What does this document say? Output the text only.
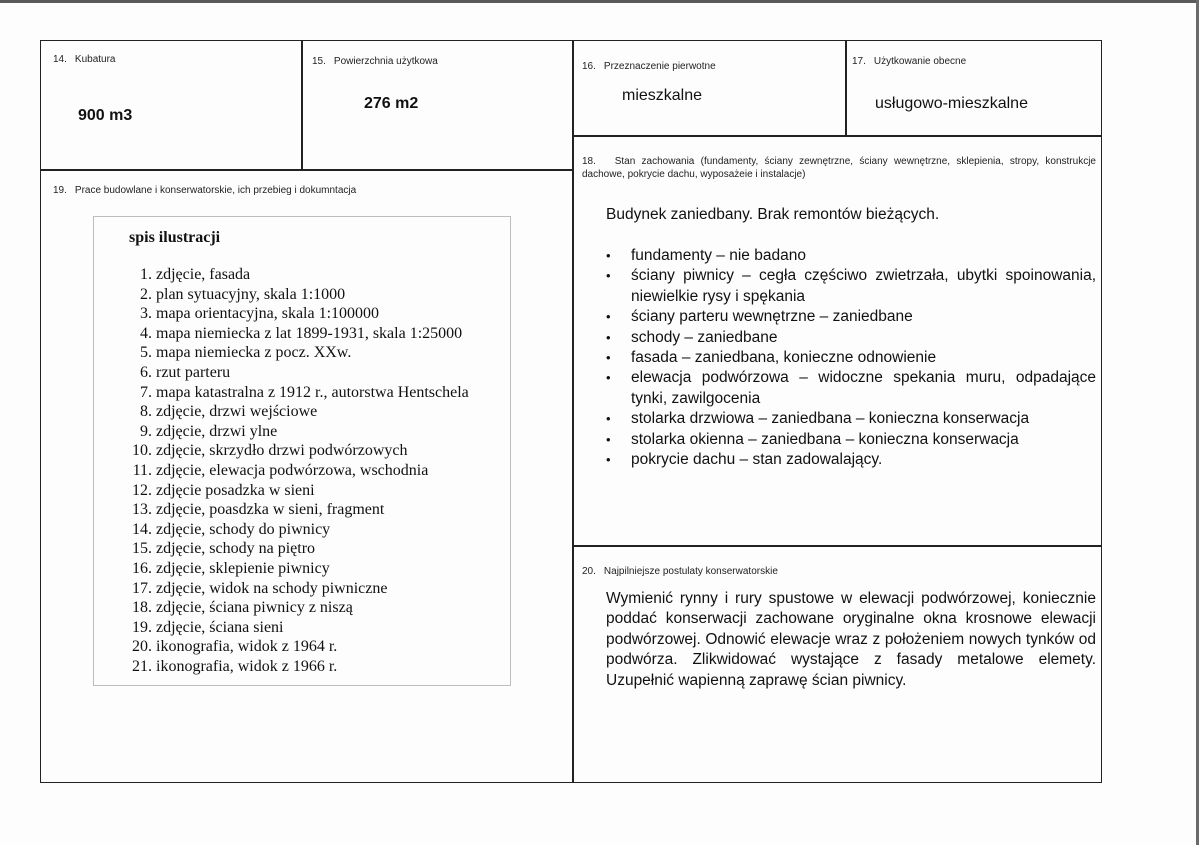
14. Kubatura
900 m3
15. Powierzchnia użytkowa
276 m2
16. Przeznaczenie pierwotne
mieszkalne
17. Użytkowanie obecne
usługowo-mieszkalne
18. Stan zachowania (fundamenty, ściany zewnętrzne, ściany wewnętrzne, sklepienia, stropy, konstrukcje dachowe, pokrycie dachu, wyposażeie i instalacje)
Budynek zaniedbany. Brak remontów bieżących.
• fundamenty – nie badano
• ściany piwnicy – cegła częściwo zwietrzała, ubytki spoinowania, niewielkie rysy i spękania
• ściany parteru wewnętrzne – zaniedbane
• schody – zaniedbane
• fasada – zaniedbana, konieczne odnowienie
• elewacja podwórzowa – widoczne spekania muru, odpadające tynki, zawilgocenia
• stolarka drzwiowa – zaniedbana – konieczna konserwacja
• stolarka okienna – zaniedbana – konieczna konserwacja
• pokrycie dachu – stan zadowalający.
19. Prace budowlane i konserwatorskie, ich przebieg i dokumntacja
spis ilustracji
1. zdjęcie, fasada
2. plan sytuacyjny, skala 1:1000
3. mapa orientacyjna, skala 1:100000
4. mapa niemiecka z lat 1899-1931, skala 1:25000
5. mapa niemiecka z pocz. XXw.
6. rzut parteru
7. mapa katastralna z 1912 r., autorstwa Hentschela
8. zdjęcie, drzwi wejściowe
9. zdjęcie, drzwi ylne
10. zdjęcie, skrzydło drzwi podwórzowych
11. zdjęcie, elewacja podwórzowa, wschodnia
12. zdjęcie posadzka w sieni
13. zdjęcie, poasdzka w sieni, fragment
14. zdjęcie, schody do piwnicy
15. zdjęcie, schody na piętro
16. zdjęcie, sklepienie piwnicy
17. zdjęcie, widok na schody piwniczne
18. zdjęcie, ściana piwnicy z niszą
19. zdjęcie, ściana sieni
20. ikonografia, widok z 1964 r.
21. ikonografia, widok z 1966 r.
20. Najpilniejsze postulaty konserwatorskie
Wymienić rynny i rury spustowe w elewacji podwórzowej, koniecznie poddać konserwacji zachowane oryginalne okna krosnowe elewacji podwórzowej. Odnowić elewacje wraz z położeniem nowych tynków od podwórza. Zlikwidować wystające z fasady metalowe elemety. Uzupełnić wapienną zaprawę ścian piwnicy.
